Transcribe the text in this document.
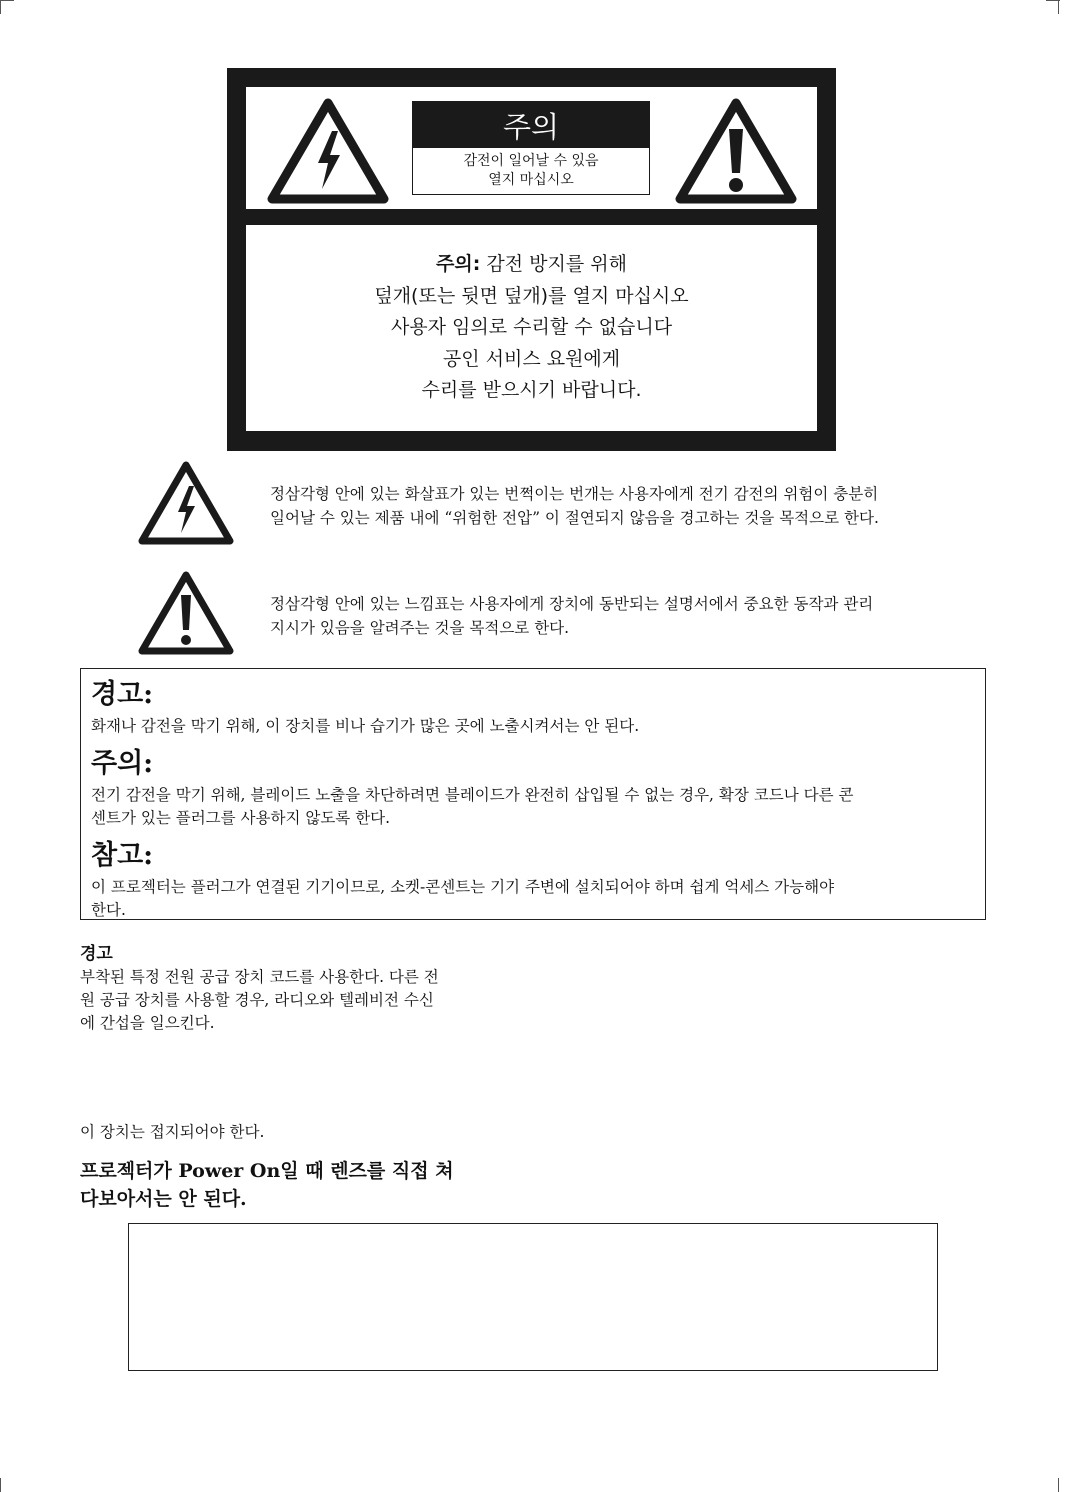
주의
감전이 일어날 수 있음
열지 마십시오
주의: 감전 방지를 위해
덮개(또는 뒷면 덮개)를 열지 마십시오
사용자 임의로 수리할 수 없습니다
공인 서비스 요원에게
수리를 받으시기 바랍니다.
정삼각형 안에 있는 화살표가 있는 번쩍이는 번개는 사용자에게 전기 감전의 위험이 충분히
일어날 수 있는 제품 내에 “위험한 전압” 이 절연되지 않음을 경고하는 것을 목적으로 한다.
정삼각형 안에 있는 느낌표는 사용자에게 장치에 동반되는 설명서에서 중요한 동작과 관리
지시가 있음을 알려주는 것을 목적으로 한다.
경고:

화재나 감전을 막기 위해, 이 장치를 비나 습기가 많은 곳에 노출시켜서는 안 된다.

주의:

전기 감전을 막기 위해, 블레이드 노출을 차단하려면 블레이드가 완전히 삽입될 수 없는 경우, 확장 코드나 다른 콘

센트가 있는 플러그를 사용하지 않도록 한다.

참고:

이 프로젝터는 플러그가 연결된 기기이므로, 소켓-콘센트는 기기 주변에 설치되어야 하며 쉽게 억세스 가능해야

한다.

경고
부착된 특정 전원 공급 장치 코드를 사용한다. 다른 전
원 공급 장치를 사용할 경우, 라디오와 텔레비전 수신
에 간섭을 일으킨다.
이 장치는 접지되어야 한다.
프로젝터가 Power On일 때 렌즈를 직접 쳐
다보아서는 안 된다.
